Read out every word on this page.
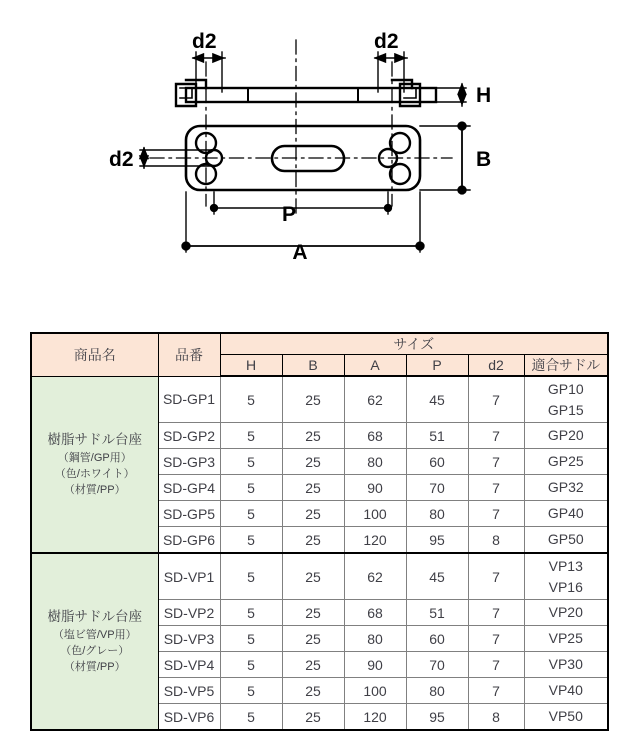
d2	d2
d2
H
B
P
A
商品名	品番	サイズ					
		H	B	A	P	d2	適合サドル

樹脂サドル台座
（鋼管/GP用）
（色/ホワイト）
（材質/PP）	SD-GP1	5	25	62	45	7	GP10
GP15

	SD-GP2	5	25	68	51	7	GP20

	SD-GP3	5	25	80	60	7	GP25

	SD-GP4	5	25	90	70	7	GP32

	SD-GP5	5	25	100	80	7	GP40

	SD-GP6	5	25	120	95	8	GP50

樹脂サドル台座
（塩ビ管/VP用）
（色/グレー）
（材質/PP）	SD-VP1	5	25	62	45	7	VP13
VP16

	SD-VP2	5	25	68	51	7	VP20

	SD-VP3	5	25	80	60	7	VP25

	SD-VP4	5	25	90	70	7	VP30

	SD-VP5	5	25	100	80	7	VP40

	SD-VP6	5	25	120	95	8	VP50
